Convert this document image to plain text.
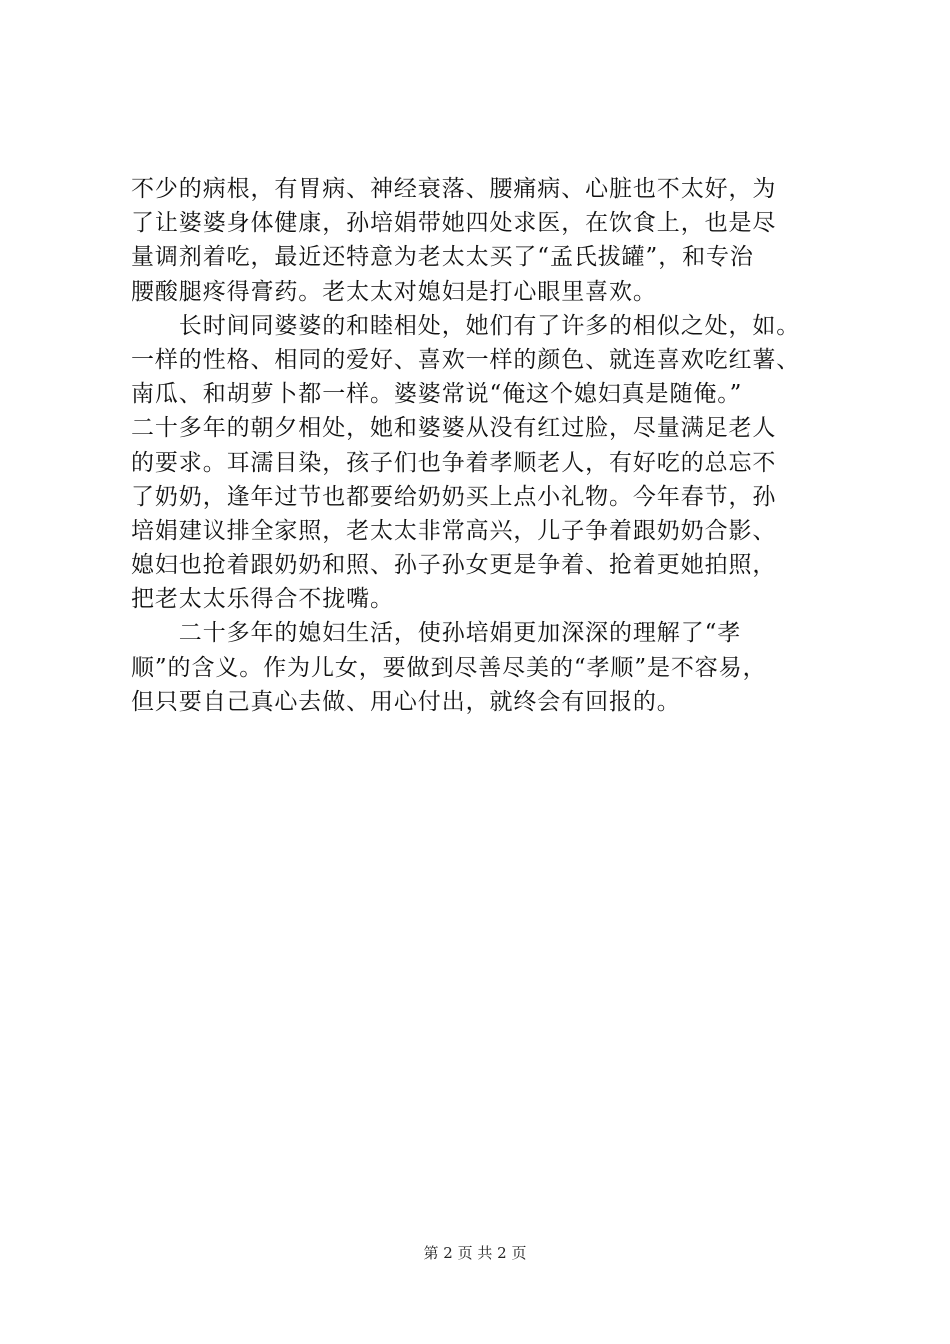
不少的病根，有胃病、神经衰落、腰痛病、心脏也不太好，为
了让婆婆身体健康，孙培娟带她四处求医，在饮食上，也是尽
量调剂着吃，最近还特意为老太太买了“孟氏拔罐”，和专治
腰酸腿疼得膏药。老太太对媳妇是打心眼里喜欢。
　　长时间同婆婆的和睦相处，她们有了许多的相似之处，如。
一样的性格、相同的爱好、喜欢一样的颜色、就连喜欢吃红薯、
南瓜、和胡萝卜都一样。婆婆常说“俺这个媳妇真是随俺。”
二十多年的朝夕相处，她和婆婆从没有红过脸，尽量满足老人
的要求。耳濡目染，孩子们也争着孝顺老人，有好吃的总忘不
了奶奶，逢年过节也都要给奶奶买上点小礼物。今年春节，孙
培娟建议排全家照，老太太非常高兴，儿子争着跟奶奶合影、
媳妇也抢着跟奶奶和照、孙子孙女更是争着、抢着更她拍照，
把老太太乐得合不拢嘴。
　　二十多年的媳妇生活，使孙培娟更加深深的理解了“孝
顺”的含义。作为儿女，要做到尽善尽美的“孝顺”是不容易，
但只要自己真心去做、用心付出，就终会有回报的。
第 2 页 共 2 页
